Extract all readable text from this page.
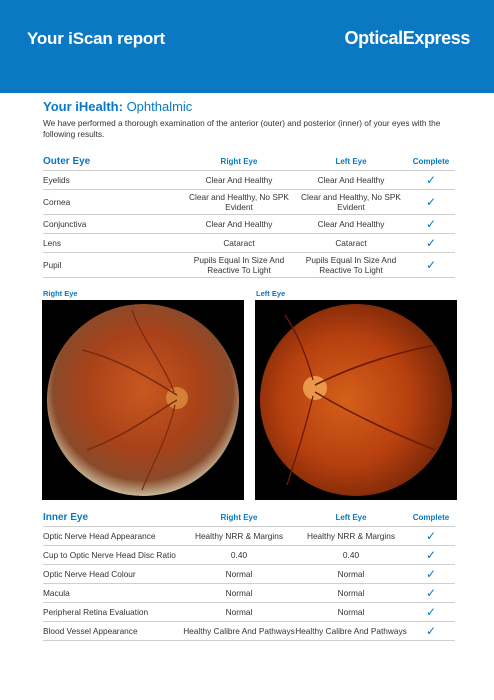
Your iScan report	OpticalExpress
Your iHealth: Ophthalmic
We have performed a thorough examination of the anterior (outer) and posterior (inner) of your eyes with the following results.
Outer Eye	Right Eye	Left Eye	Complete
Eyelids	Clear And Healthy	Clear And Healthy	✓
Cornea	Clear and Healthy, No SPK Evident	Clear and Healthy, No SPK Evident	✓
Conjunctiva	Clear And Healthy	Clear And Healthy	✓
Lens	Cataract	Cataract	✓
Pupil	Pupils Equal In Size And Reactive To Light	Pupils Equal In Size And Reactive To Light	✓
Right Eye	Left Eye
Inner Eye	Right Eye	Left Eye	Complete
Optic Nerve Head Appearance	Healthy NRR & Margins	Healthy NRR & Margins	✓
Cup to Optic Nerve Head Disc Ratio	0.40	0.40	✓
Optic Nerve Head Colour	Normal	Normal	✓
Macula	Normal	Normal	✓
Peripheral Retina Evaluation	Normal	Normal	✓
Blood Vessel Appearance	Healthy Calibre And Pathways	Healthy Calibre And Pathways	✓
